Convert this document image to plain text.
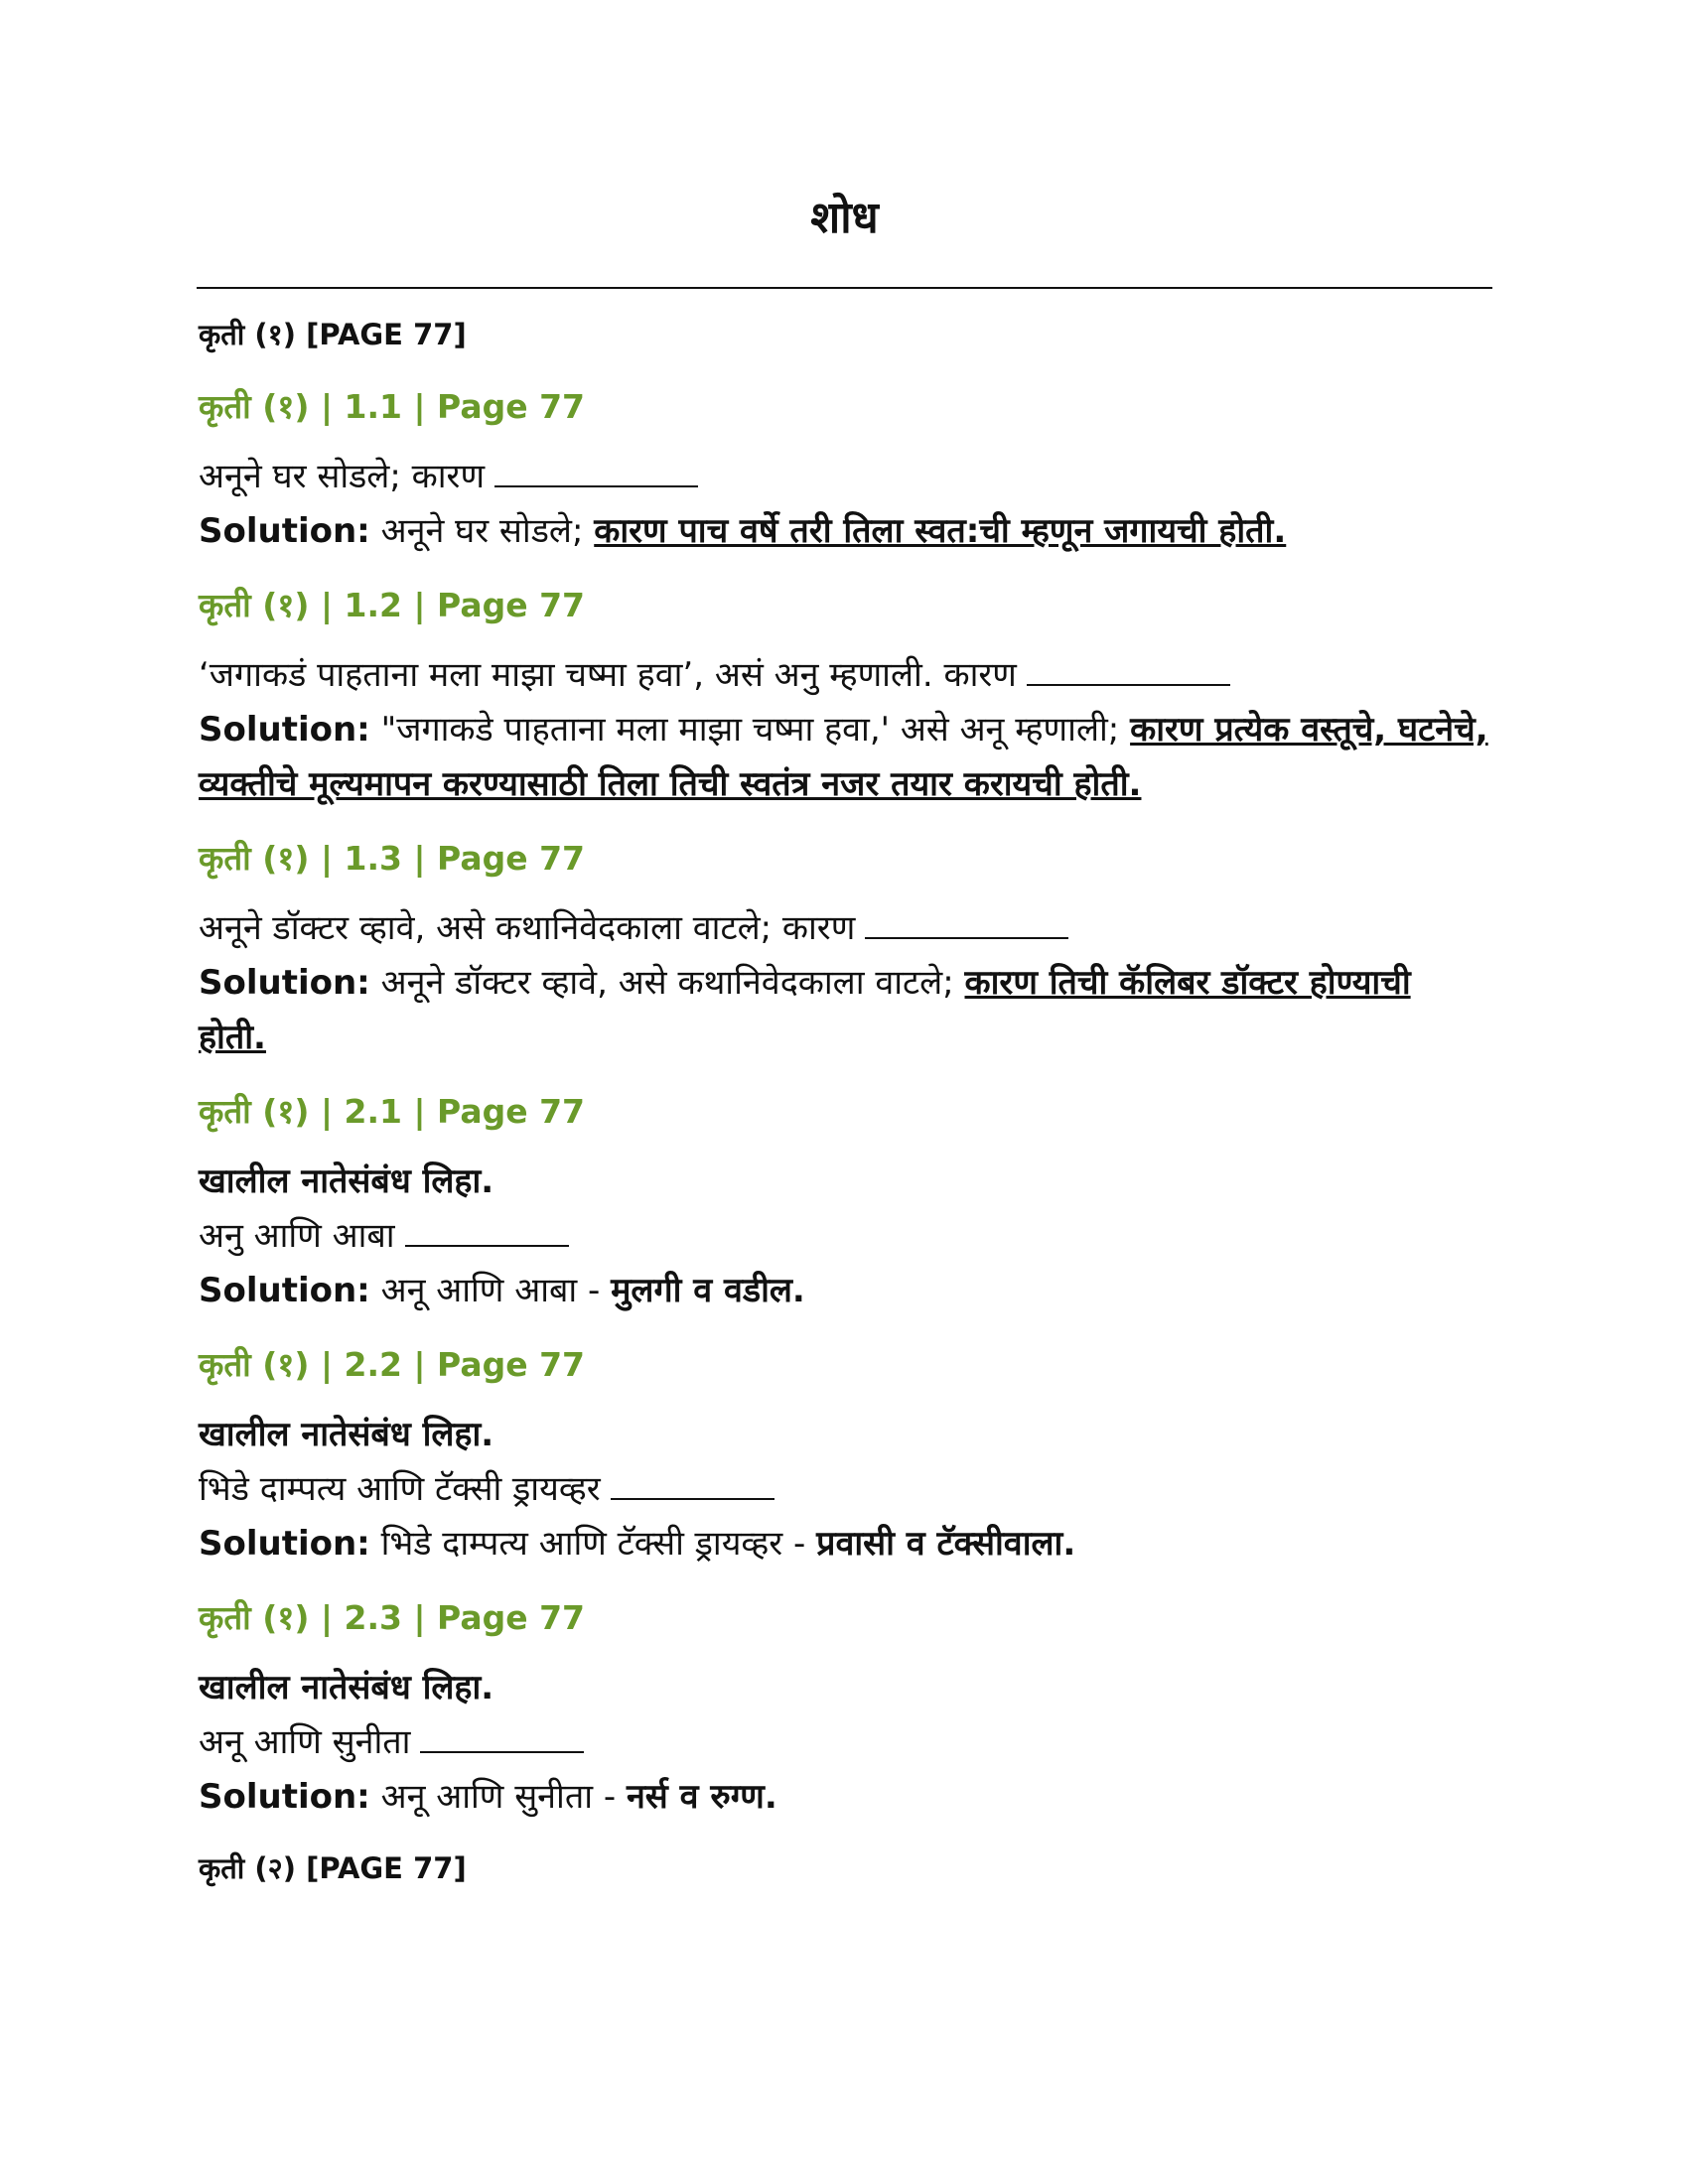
शोध
कृती (१) [PAGE 77]
कृती (१) | 1.1 | Page 77

अनूने घर सोडले; कारण

Solution: अनूने घर सोडले; कारण पाच वर्षे तरी तिला स्वत:ची म्हणून जगायची होती.

कृती (१) | 1.2 | Page 77

‘जगाकडं पाहताना मला माझा चष्मा हवा’, असं अनु म्हणाली. कारण

Solution: "जगाकडे पाहताना मला माझा चष्मा हवा,' असे अनू म्हणाली; कारण प्रत्येक वस्तूचे, घटनेचे, व्यक्तीचे मूल्यमापन करण्यासाठी तिला तिची स्वतंत्र नजर तयार करायची होती.

कृती (१) | 1.3 | Page 77

अनूने डॉक्टर व्हावे, असे कथानिवेदकाला वाटले; कारण

Solution: अनूने डॉक्टर व्हावे, असे कथानिवेदकाला वाटले; कारण तिची कॅलिबर डॉक्टर होण्याची होती.

कृती (१) | 2.1 | Page 77

खालील नातेसंबंध लिहा.

अनु आणि आबा

Solution: अनू आणि आबा - मुलगी व वडील.

कृती (१) | 2.2 | Page 77

खालील नातेसंबंध लिहा.

भिडे दाम्पत्य आणि टॅक्सी ड्रायव्हर

Solution: भिडे दाम्पत्य आणि टॅक्सी ड्रायव्हर - प्रवासी व टॅक्सीवाला.

कृती (१) | 2.3 | Page 77

खालील नातेसंबंध लिहा.

अनू आणि सुनीता

Solution: अनू आणि सुनीता - नर्स व रुग्ण.

कृती (२) [PAGE 77]
